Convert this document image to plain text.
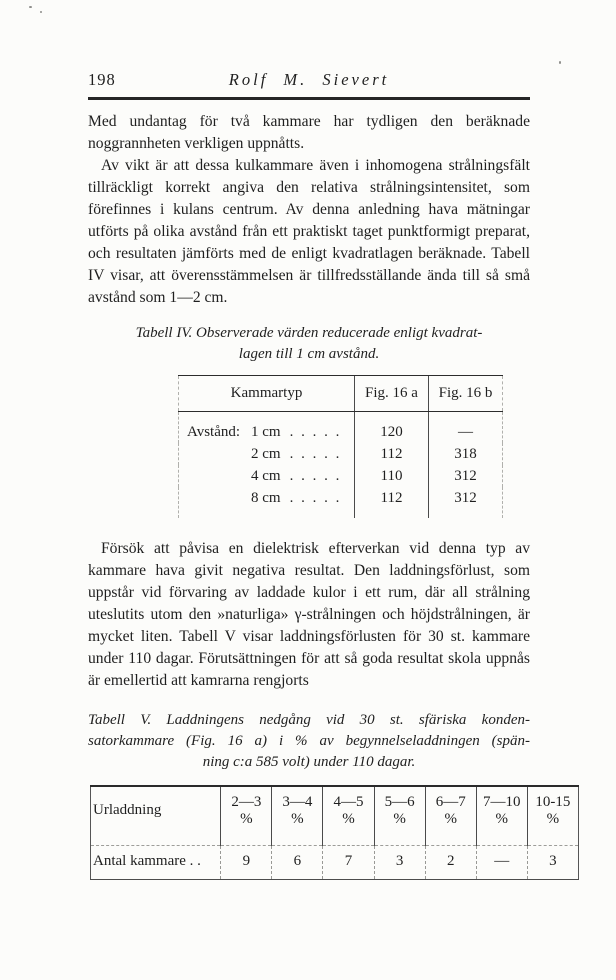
198	Rolf M. Sievert

Med undantag för två kammare har tydligen den beräknade noggrannheten verkligen uppnåtts.

Av vikt är att dessa kulkammare även i inhomogena strålningsfält tillräckligt korrekt angiva den relativa strålningsintensitet, som förefinnes i kulans centrum. Av denna anledning hava mätningar utförts på olika avstånd från ett praktiskt taget punktformigt preparat, och resultaten jämförts med de enligt kvadratlagen beräknade. Tabell IV visar, att överensstämmelsen är tillfredsställande ända till så små avstånd som 1—2 cm.

Tabell IV. Observerade värden reducerade enligt kvadrat-
lagen till 1 cm avstånd.
Kammartyp	Fig. 16 a	Fig. 16 b
Avstånd: 1 cm . . . . .	120	—
2 cm . . . . .	112	318
4 cm . . . . .	110	312
8 cm . . . . .	112	312

Försök att påvisa en dielektrisk efterverkan vid denna typ av kammare hava givit negativa resultat. Den laddningsförlust, som uppstår vid förvaring av laddade kulor i ett rum, där all strålning uteslutits utom den »naturliga» γ-strålningen och höjdstrålningen, är mycket liten. Tabell V visar laddningsförlusten för 30 st. kammare under 110 dagar. Förutsättningen för att så goda resultat skola uppnås är emellertid att kamrarna rengjorts

Tabell V. Laddningens nedgång vid 30 st. sfäriska konden-
satorkammare (Fig. 16 a) i % av begynnelseladdningen (spän-
ning c:a 585 volt) under 110 dagar.
Urladdning	2—3 %	3—4 %	4—5 %	5—6 %	6—7 %	7—10 %	10-15 %
Antal kammare . .	9	6	7	3	2	—	3
